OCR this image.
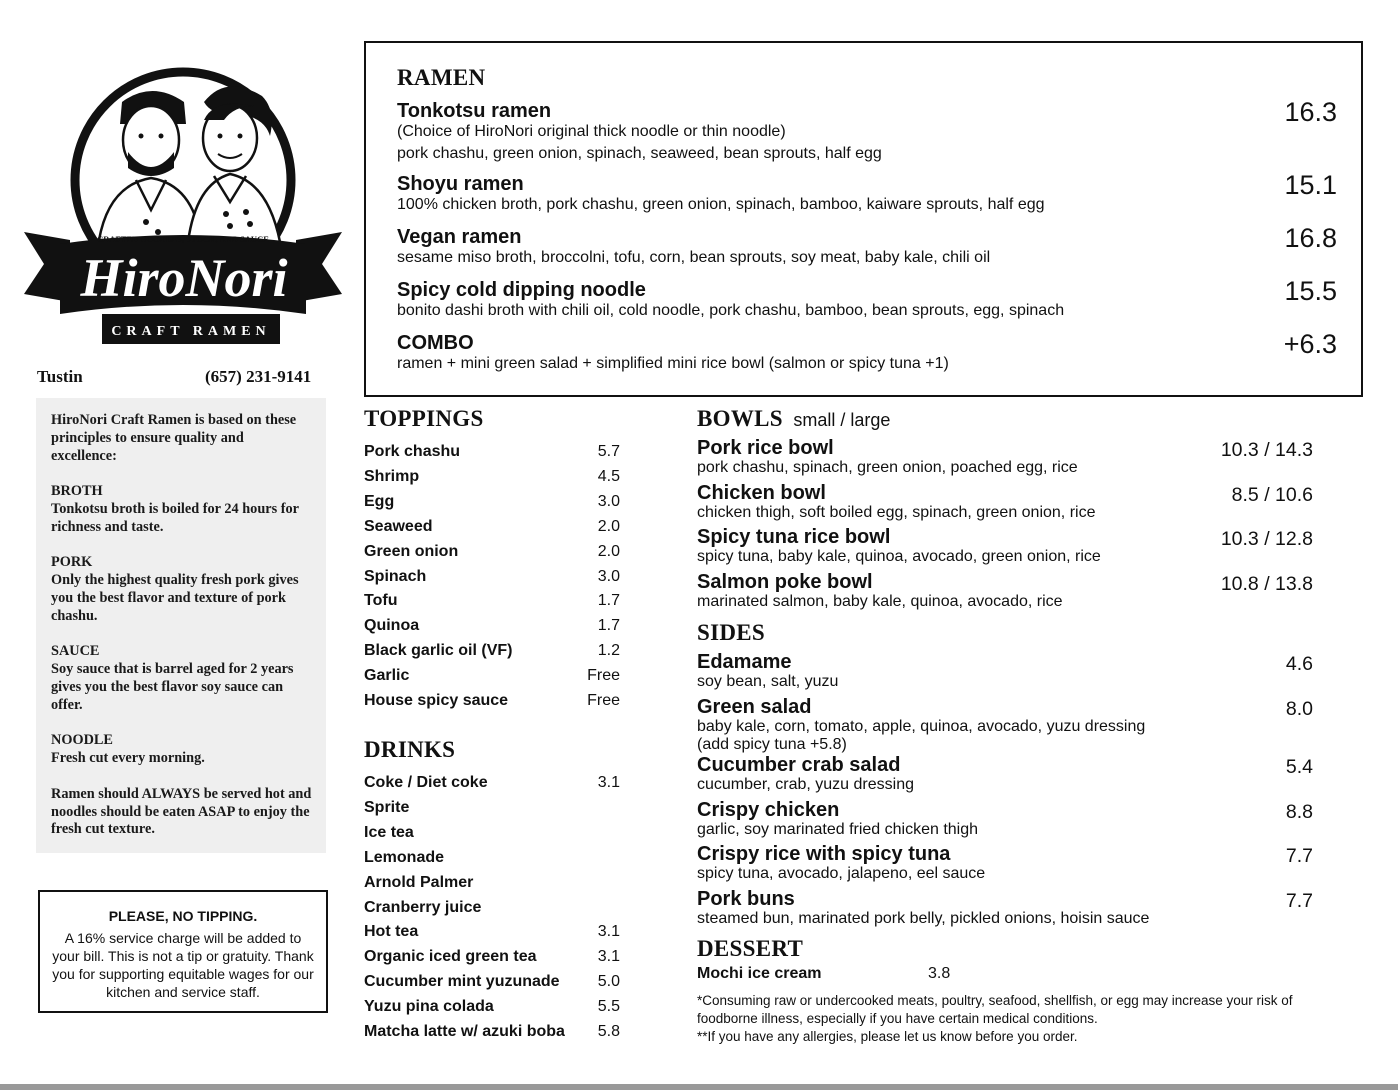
CRAFTED NOODLES, STOCK, AND SAUCE
HiroNori
CRAFT RAMEN
Tustin	(657) 231-9141
HiroNori Craft Ramen is based on these principles to ensure quality and excellence:
BROTH
Tonkotsu broth is boiled for 24 hours for richness and taste.
PORK
Only the highest quality fresh pork gives you the best flavor and texture of pork chashu.
SAUCE
Soy sauce that is barrel aged for 2 years gives you the best flavor soy sauce can offer.
NOODLE
Fresh cut every morning.
Ramen should ALWAYS be served hot and noodles should be eaten ASAP to enjoy the fresh cut texture.
PLEASE, NO TIPPING.
A 16% service charge will be added to your bill. This is not a tip or gratuity. Thank you for supporting equitable wages for our kitchen and service staff.
RAMEN
Tonkotsu ramen
(Choice of HiroNori original thick noodle or thin noodle)
pork chashu, green onion, spinach, seaweed, bean sprouts, half egg
16.3
Shoyu ramen
100% chicken broth, pork chashu, green onion, spinach, bamboo, kaiware sprouts, half egg
15.1
Vegan ramen
sesame miso broth, broccolni, tofu, corn, bean sprouts, soy meat, baby kale, chili oil
16.8
Spicy cold dipping noodle
bonito dashi broth with chili oil, cold noodle, pork chashu, bamboo, bean sprouts, egg, spinach
15.5
COMBO
ramen + mini green salad + simplified mini rice bowl (salmon or spicy tuna +1)
+6.3
TOPPINGS
Pork chashu	5.7
Shrimp	4.5
Egg	3.0
Seaweed	2.0
Green onion	2.0
Spinach	3.0
Tofu	1.7
Quinoa	1.7
Black garlic oil (VF)	1.2
Garlic	Free
House spicy sauce	Free
DRINKS
Coke / Diet coke	3.1
Sprite
Ice tea
Lemonade
Arnold Palmer
Cranberry juice
Hot tea	3.1
Organic iced green tea	3.1
Cucumber mint yuzunade 5.0
Yuzu pina colada	5.5
Matcha latte w/ azuki boba 5.8
BOWLS small / large
Pork rice bowl
pork chashu, spinach, green onion, poached egg, rice
10.3 / 14.3
Chicken bowl
chicken thigh, soft boiled egg, spinach, green onion, rice
8.5 / 10.6
Spicy tuna rice bowl
spicy tuna, baby kale, quinoa, avocado, green onion, rice
10.3 / 12.8
Salmon poke bowl
marinated salmon, baby kale, quinoa, avocado, rice
10.8 / 13.8
SIDES
Edamame
soy bean, salt, yuzu
4.6
Green salad
baby kale, corn, tomato, apple, quinoa, avocado, yuzu dressing
(add spicy tuna +5.8)
8.0
Cucumber crab salad
cucumber, crab, yuzu dressing
5.4
Crispy chicken
garlic, soy marinated fried chicken thigh
8.8
Crispy rice with spicy tuna
spicy tuna, avocado, jalapeno, eel sauce
7.7
Pork buns
steamed bun, marinated pork belly, pickled onions, hoisin sauce
7.7
DESSERT
Mochi ice cream	3.8
*Consuming raw or undercooked meats, poultry, seafood, shellfish, or egg may increase your risk of
foodborne illness, especially if you have certain medical conditions.
**If you have any allergies, please let us know before you order.
